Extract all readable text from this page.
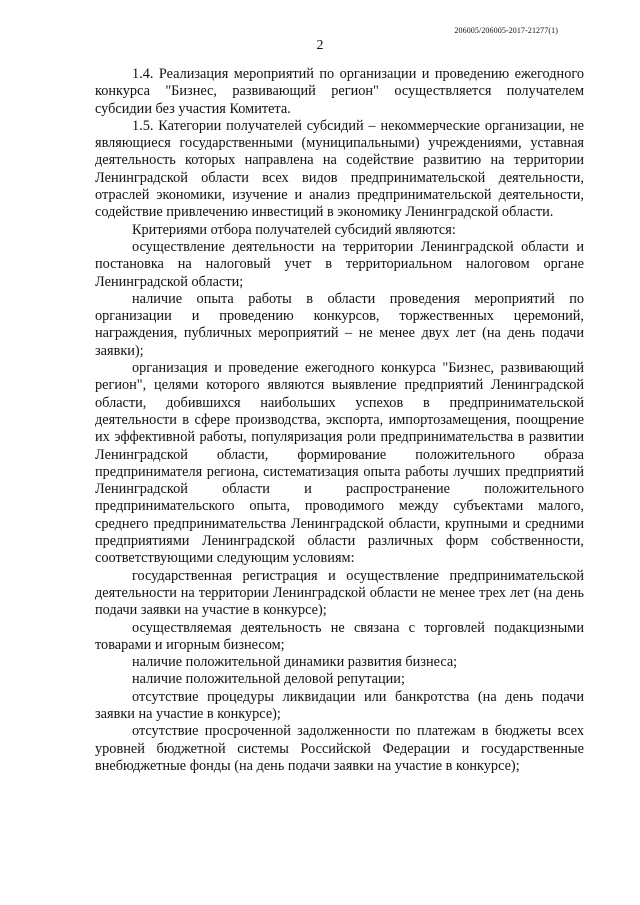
206005/206005-2017-21277(1)
2

1.4. Реализация мероприятий по организации и проведению ежегодного конкурса "Бизнес, развивающий регион" осуществляется получателем субсидии без участия Комитета.

1.5. Категории получателей субсидий – некоммерческие организации, не являющиеся государственными (муниципальными) учреждениями, уставная деятельность которых направлена на содействие развитию на территории Ленинградской области всех видов предпринимательской деятельности, отраслей экономики, изучение и анализ предпринимательской деятельности, содействие привлечению инвестиций в экономику Ленинградской области.

Критериями отбора получателей субсидий являются:

осуществление деятельности на территории Ленинградской области и постановка на налоговый учет в территориальном налоговом органе Ленинградской области;

наличие опыта работы в области проведения мероприятий по организации и проведению конкурсов, торжественных церемоний, награждения, публичных мероприятий – не менее двух лет (на день подачи заявки);

организация и проведение ежегодного конкурса "Бизнес, развивающий регион", целями которого являются выявление предприятий Ленинградской области, добившихся наибольших успехов в предпринимательской деятельности в сфере производства, экспорта, импортозамещения, поощрение их эффективной работы, популяризация роли предпринимательства в развитии Ленинградской области, формирование положительного образа предпринимателя региона, систематизация опыта работы лучших предприятий Ленинградской области и распространение положительного предпринимательского опыта, проводимого между субъектами малого, среднего предпринимательства Ленинградской области, крупными и средними предприятиями Ленинградской области различных форм собственности, соответствующими следующим условиям:

государственная регистрация и осуществление предпринимательской деятельности на территории Ленинградской области не менее трех лет (на день подачи заявки на участие в конкурсе);

осуществляемая деятельность не связана с торговлей подакцизными товарами и игорным бизнесом;

наличие положительной динамики развития бизнеса;

наличие положительной деловой репутации;

отсутствие процедуры ликвидации или банкротства (на день подачи заявки на участие в конкурсе);

отсутствие просроченной задолженности по платежам в бюджеты всех уровней бюджетной системы Российской Федерации и государственные внебюджетные фонды (на день подачи заявки на участие в конкурсе);
